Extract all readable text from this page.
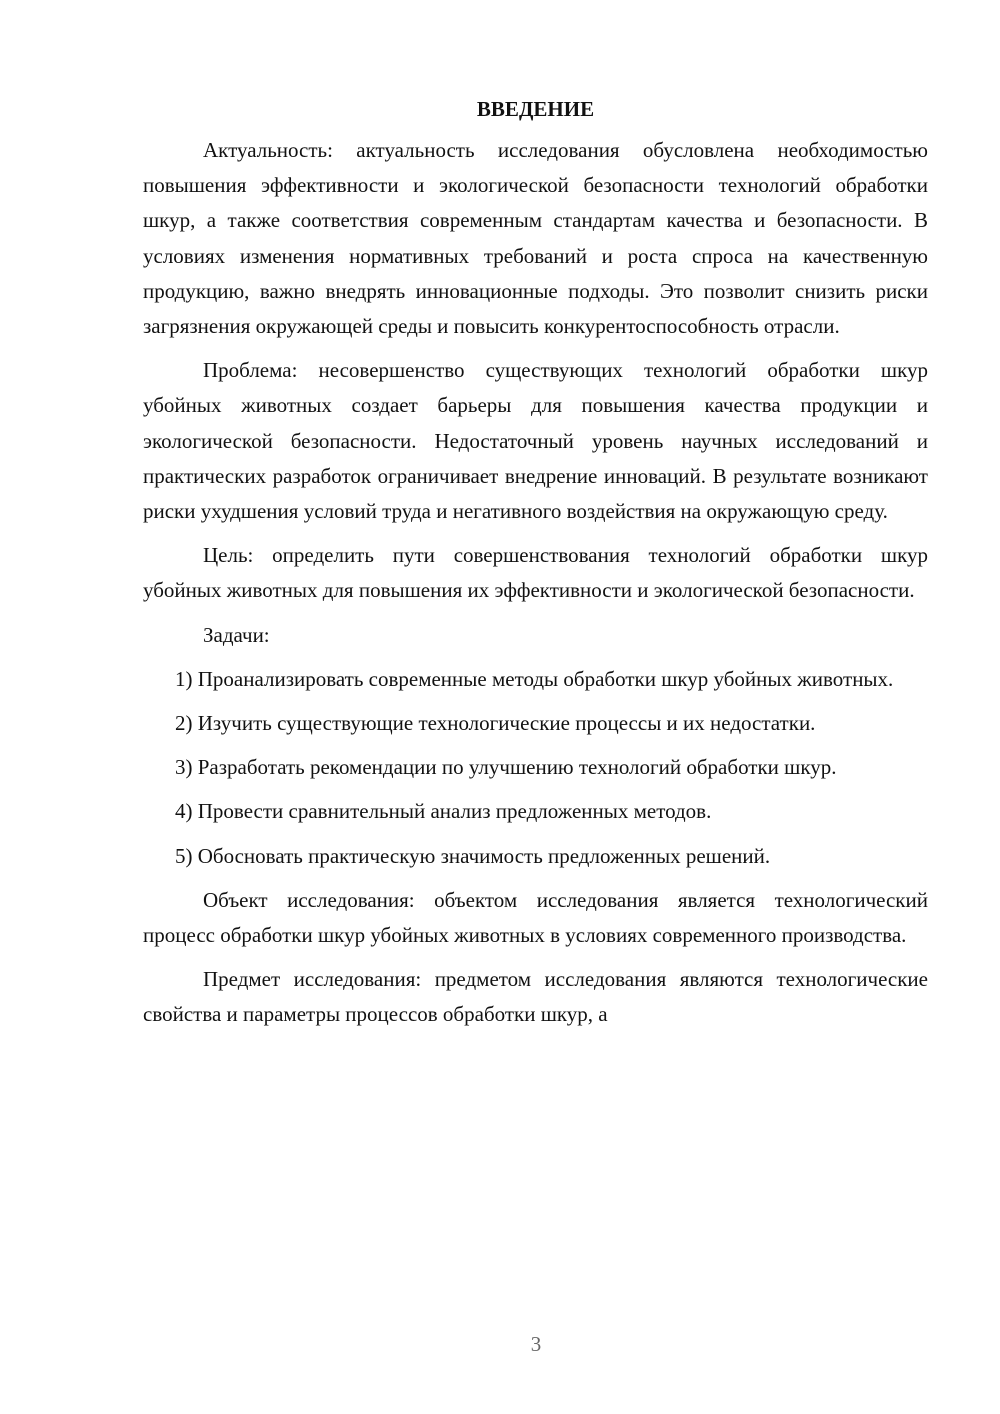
ВВЕДЕНИЕ

Актуальность: актуальность исследования обусловлена необходимостью повышения эффективности и экологической безопасности технологий обработки шкур, а также соответствия современным стандартам качества и безопасности. В условиях изменения нормативных требований и роста спроса на качественную продукцию, важно внедрять инновационные подходы. Это позволит снизить риски загрязнения окружающей среды и повысить конкурентоспособность отрасли.

Проблема: несовершенство существующих технологий обработки шкур убойных животных создает барьеры для повышения качества продукции и экологической безопасности. Недостаточный уровень научных исследований и практических разработок ограничивает внедрение инноваций. В результате возникают риски ухудшения условий труда и негативного воздействия на окружающую среду.

Цель: определить пути совершенствования технологий обработки шкур убойных животных для повышения их эффективности и экологической безопасности.

Задачи:

1) Проанализировать современные методы обработки шкур убойных животных.

2) Изучить существующие технологические процессы и их недостатки.

3) Разработать рекомендации по улучшению технологий обработки шкур.

4) Провести сравнительный анализ предложенных методов.

5) Обосновать практическую значимость предложенных решений.

Объект исследования: объектом исследования является технологический процесс обработки шкур убойных животных в условиях современного производства.

Предмет исследования: предметом исследования являются технологические свойства и параметры процессов обработки шкур, а

3
